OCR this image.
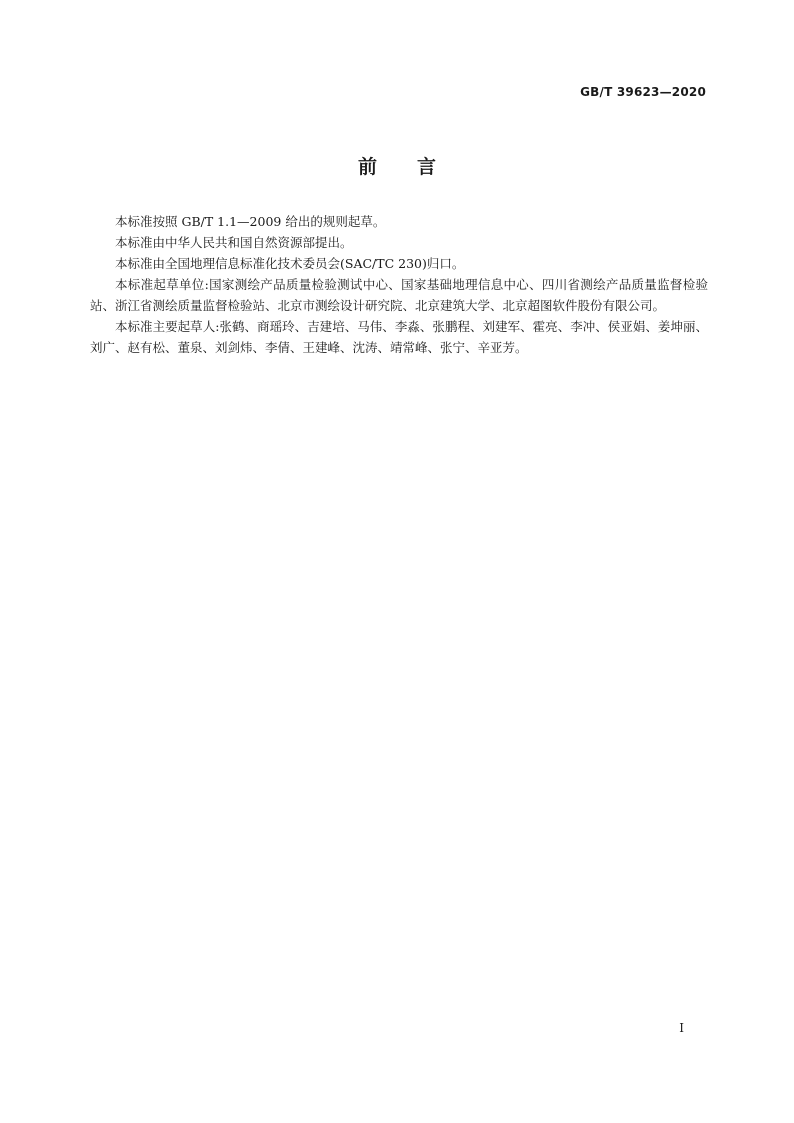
GB/T 39623—2020
前言

本标准按照 GB/T 1.1—2009 给出的规则起草。

本标准由中华人民共和国自然资源部提出。

本标准由全国地理信息标准化技术委员会(SAC/TC 230)归口。

本标准起草单位:国家测绘产品质量检验测试中心、国家基础地理信息中心、四川省测绘产品质量监督检验站、浙江省测绘质量监督检验站、北京市测绘设计研究院、北京建筑大学、北京超图软件股份有限公司。

本标准主要起草人:张鹤、商瑶玲、吉建培、马伟、李淼、张鹏程、刘建军、霍亮、李冲、侯亚娟、姜坤丽、刘广、赵有松、董泉、刘剑炜、李倩、王建峰、沈涛、靖常峰、张宁、辛亚芳。

I
